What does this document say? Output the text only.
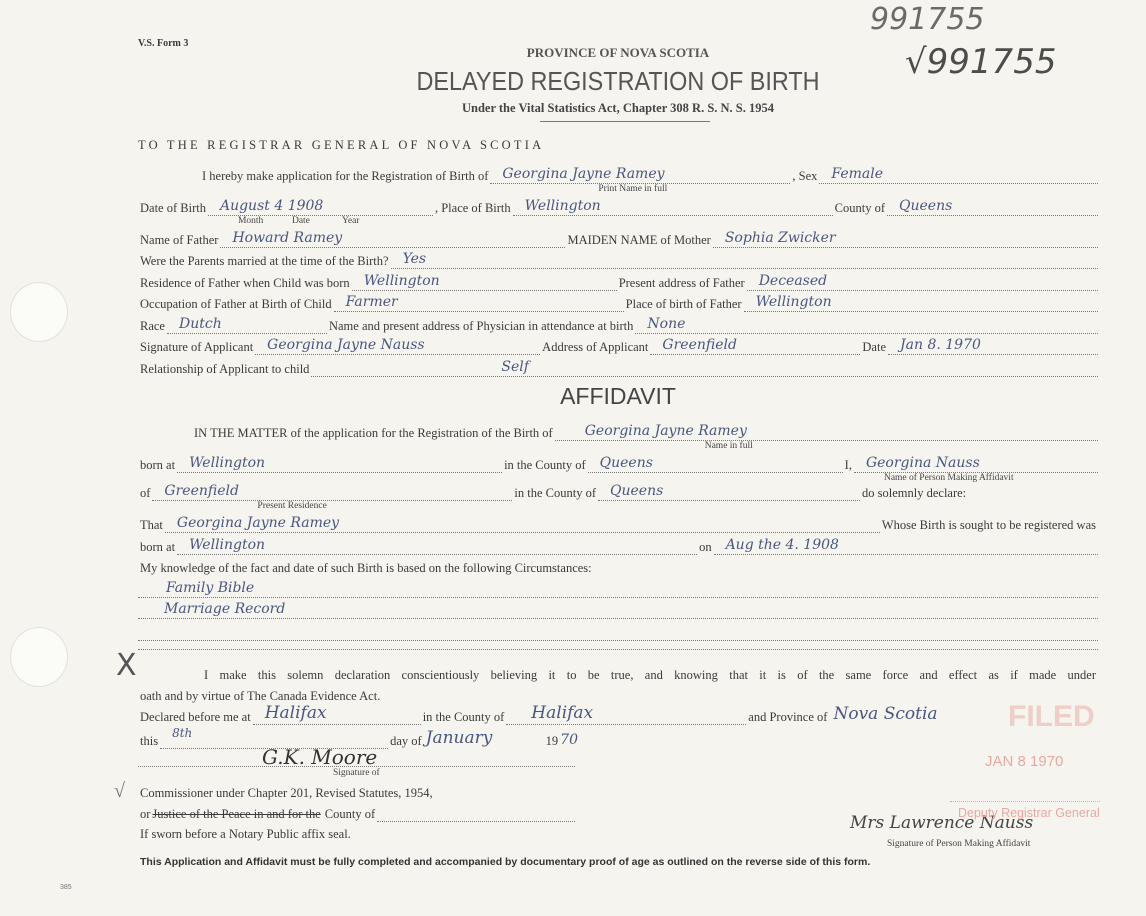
V.S. Form 3
PROVINCE OF NOVA SCOTIA
DELAYED REGISTRATION OF BIRTH
Under the Vital Statistics Act, Chapter 308 R. S. N. S. 1954
991755
√991755
TO THE REGISTRAR GENERAL OF NOVA SCOTIA
I hereby make application for the Registration of Birth of Georgina Jayne Ramey
Print Name in full
, Sex Female
Date of Birth August 4 1908
Month	Date	Year
, Place of Birth Wellington	County of Queens
Name of Father Howard Ramey	MAIDEN NAME of Mother Sophia Zwicker
Were the Parents married at the time of the Birth? Yes
Residence of Father when Child was born Wellington	Present address of Father Deceased
Occupation of Father at Birth of Child Farmer	Place of birth of Father Wellington
Race Dutch	Name and present address of Physician in attendance at birth None
Signature of Applicant Georgina Jayne Nauss	Address of Applicant Greenfield	Date Jan 8. 1970
Relationship of Applicant to child	Self
AFFIDAVIT
IN THE MATTER of the application for the Registration of the Birth of Georgina Jayne Ramey
Name in full
born at Wellington	in the County of Queens	I, Georgina Nauss
Name of Person Making Affidavit
of Greenfield
Present Residence
in the County of Queens	do solemnly declare:
That Georgina Jayne Ramey	Whose Birth is sought to be registered was
born at Wellington	on Aug the 4. 1908
My knowledge of the fact and date of such Birth is based on the following Circumstances:
Family Bible
Marriage Record
X	I make this solemn declaration conscientiously believing it to be true, and knowing that it is of the same force and effect as if made under
oath and by virtue of The Canada Evidence Act.
Declared before me at Halifax	in the County of Halifax	and Province of Nova Scotia
this
8th
day of January	19 70
G.K. Moore
Signature of
√ Commissioner under Chapter 201, Revised Statutes, 1954,
or Justice of the Peace in and for the County of
If sworn before a Notary Public affix seal.
Mrs Lawrence Nauss
Signature of Person Making Affidavit
FILED
JAN 8 1970
Deputy Registrar General
This Application and Affidavit must be fully completed and accompanied by documentary proof of age as outlined on the reverse side of this form.
385
